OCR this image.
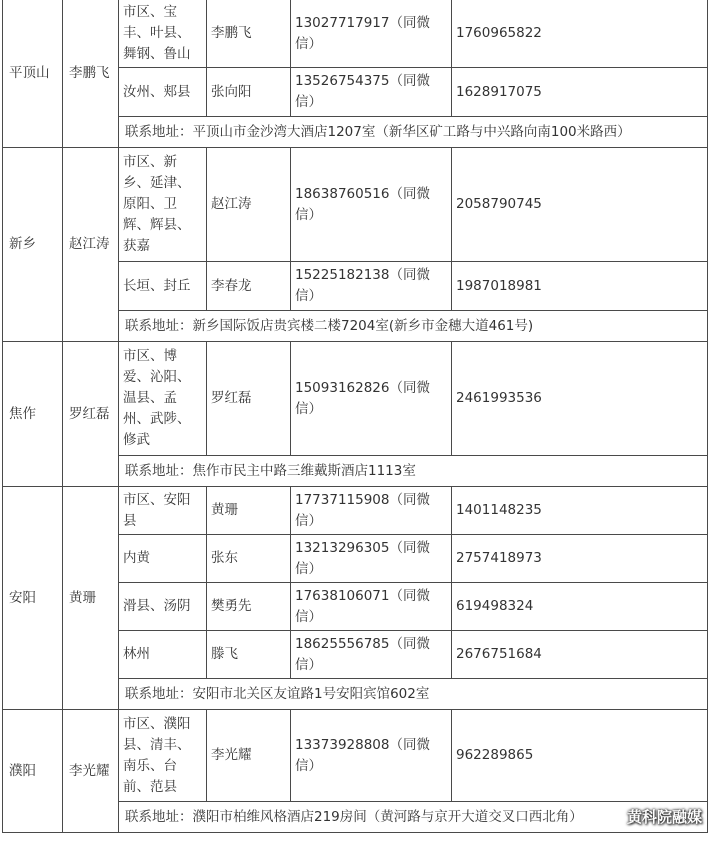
平顶山	李鹏飞	市区、宝丰、叶县、舞钢、鲁山	李鹏飞	13027717917（同微信）	1760965822
		汝州、郏县	张向阳	13526754375（同微信）	1628917075
		联系地址：平顶山市金沙湾大酒店1207室（新华区矿工路与中兴路向南100米路西）			
新乡	赵江涛	市区、新乡、延津、原阳、卫辉、辉县、获嘉	赵江涛	18638760516（同微信）	2058790745
		长垣、封丘	李春龙	15225182138（同微信）	1987018981
		联系地址：新乡国际饭店贵宾楼二楼7204室(新乡市金穗大道461号)			
焦作	罗红磊	市区、博爱、沁阳、温县、孟州、武陟、修武	罗红磊	15093162826（同微信）	2461993536
		联系地址：焦作市民主中路三维戴斯酒店1113室			
安阳	黄珊	市区、安阳县	黄珊	17737115908（同微信）	1401148235
		内黄	张东	13213296305（同微信）	2757418973
		滑县、汤阴	樊勇先	17638106071（同微信）	619498324
		林州	滕飞	18625556785（同微信）	2676751684
		联系地址：安阳市北关区友谊路1号安阳宾馆602室			
濮阳	李光耀	市区、濮阳县、清丰、南乐、台前、范县	李光耀	13373928808（同微信）	962289865
		联系地址：濮阳市柏维风格酒店219房间（黄河路与京开大道交叉口西北角）				黄科院融媒
